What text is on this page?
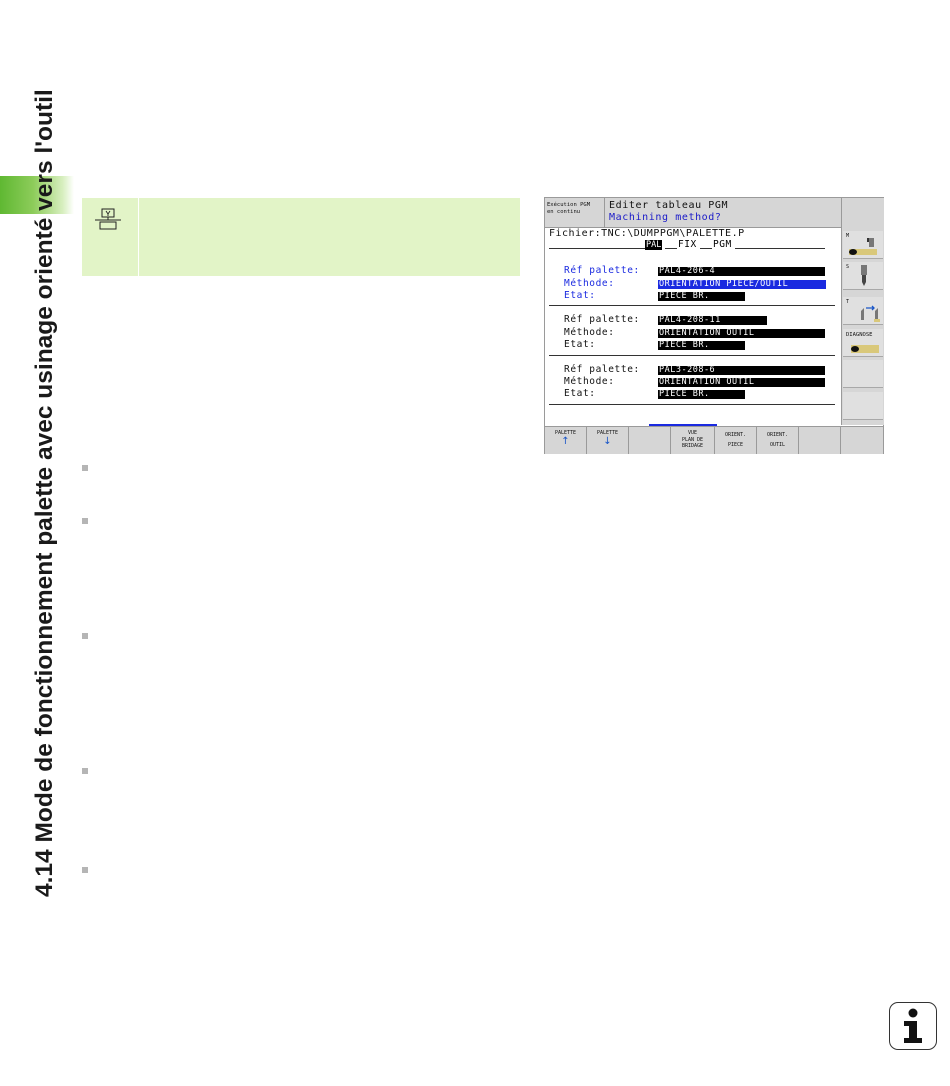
4.14 Mode de fonctionnement palette avec usinage orienté vers l'outil	Exécution PGM
en continu
Editer tableau PGM
Machining method?
Fichier:TNC:\DUMPPGM\PALETTE.P
PAL FIX PGM
Réf palette: PAL4-206-4
Méthode:	ORIENTATION PIECE/OUTIL
Etat:	PIECE BR.
Réf palette: PAL4-208-11
Méthode:	ORIENTATION OUTIL
Etat:	PIECE BR.
Réf palette: PAL3-208-6
Méthode:	ORIENTATION OUTIL
Etat:	PIECE BR.
M
S
T
DIAGNOSE
PALETTE
↑
PALETTE
↓
VUE
PLAN DE
BRIDAGE
ORIENT.
PIECE
ORIENT.
OUTIL
